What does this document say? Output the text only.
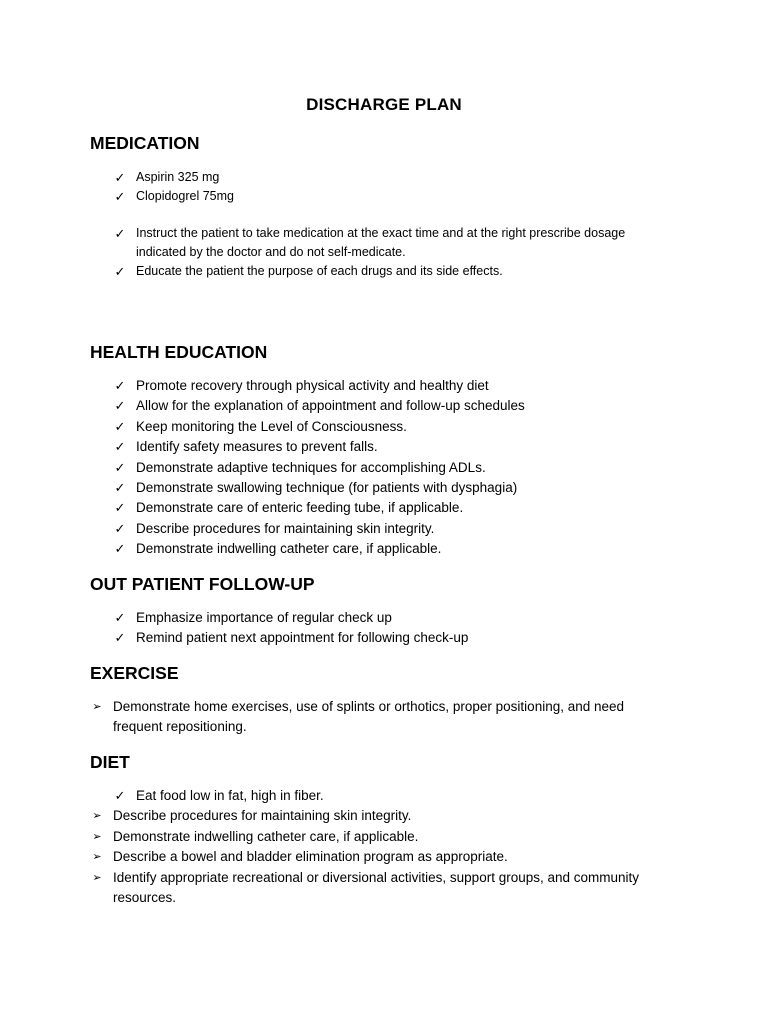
DISCHARGE PLAN
MEDICATION
✓ Aspirin 325 mg
✓ Clopidogrel 75mg
✓ Instruct the patient to take medication at the exact time and at the right prescribe dosage indicated by the doctor and do not self-medicate.
✓ Educate the patient the purpose of each drugs and its side effects.
HEALTH EDUCATION
✓ Promote recovery through physical activity and healthy diet
✓ Allow for the explanation of appointment and follow-up schedules
✓ Keep monitoring the Level of Consciousness.
✓ Identify safety measures to prevent falls.
✓ Demonstrate adaptive techniques for accomplishing ADLs.
✓ Demonstrate swallowing technique (for patients with dysphagia)
✓ Demonstrate care of enteric feeding tube, if applicable.
✓ Describe procedures for maintaining skin integrity.
✓ Demonstrate indwelling catheter care, if applicable.
OUT PATIENT FOLLOW-UP
✓ Emphasize importance of regular check up
✓ Remind patient next appointment for following check-up
EXERCISE
➢ Demonstrate home exercises, use of splints or orthotics, proper positioning, and need frequent repositioning.
DIET
✓ Eat food low in fat, high in fiber.
➢ Describe procedures for maintaining skin integrity.
➢ Demonstrate indwelling catheter care, if applicable.
➢ Describe a bowel and bladder elimination program as appropriate.
➢ Identify appropriate recreational or diversional activities, support groups, and community resources.
